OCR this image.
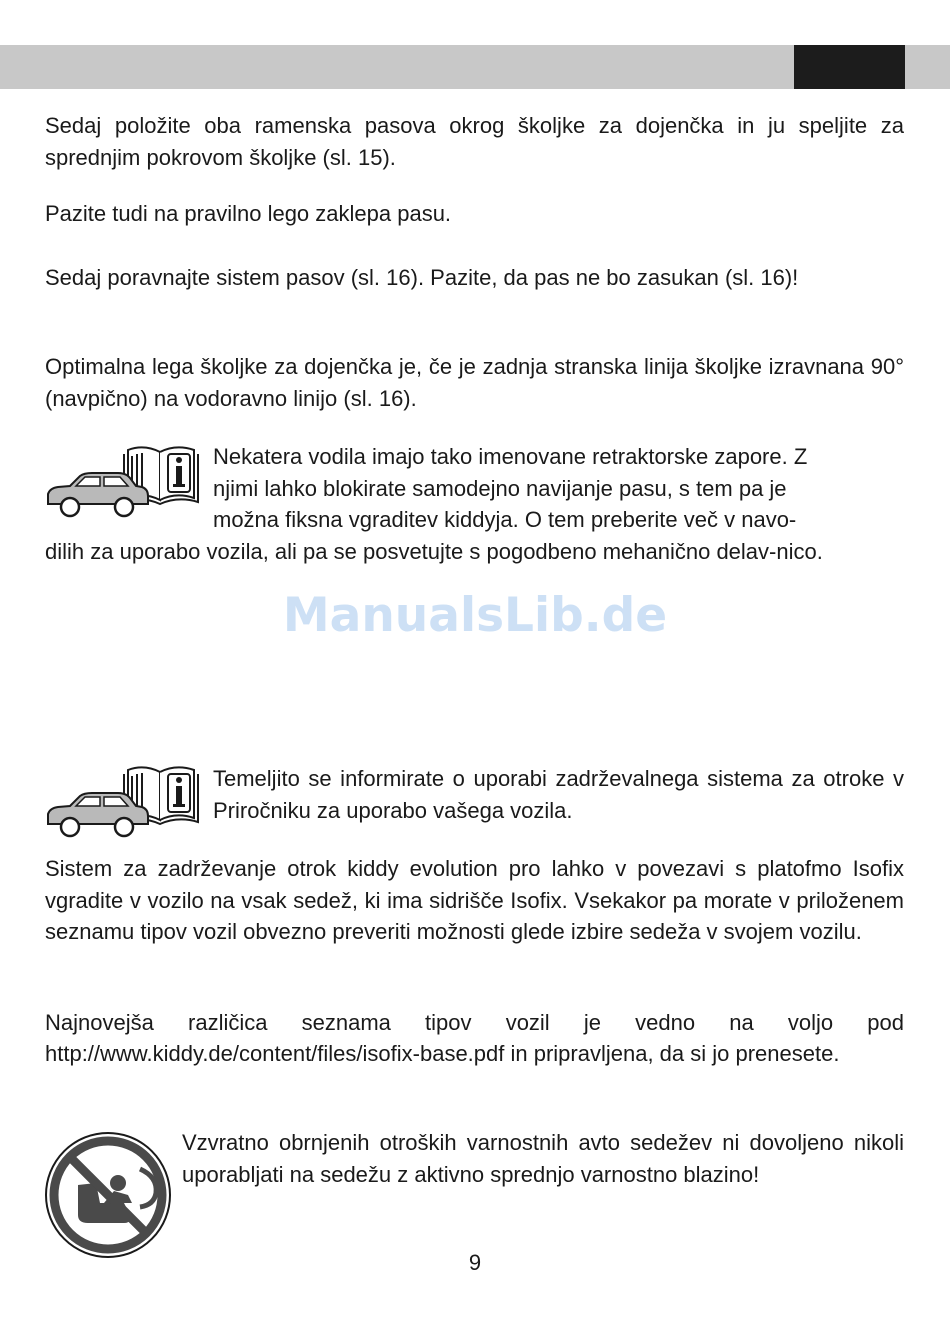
Sedaj položite oba ramenska pasova okrog školjke za dojenčka in ju speljite za sprednjim pokrovom školjke (sl. 15).

Pazite tudi na pravilno lego zaklepa pasu.

Sedaj poravnajte sistem pasov (sl. 16). Pazite, da pas ne bo zasukan (sl. 16)!

Optimalna lega školjke za dojenčka je, če je zadnja stranska linija školjke izravnana 90° (navpično) na vodoravno linijo (sl. 16).

Nekatera vodila imajo tako imenovane retraktorske zapore. Z

njimi lahko blokirate samodejno navijanje pasu, s tem pa je

možna fiksna vgraditev kiddyja. O tem preberite več v navo-

dilih za uporabo vozila, ali pa se posvetujte s pogodbeno mehanično delav-nico.

ManualsLib.de

Temeljito se informirate o uporabi zadrževalnega sistema za otroke v Priročniku za uporabo vašega vozila.

Sistem za zadrževanje otrok kiddy evolution pro lahko v povezavi s platofmo Isofix vgradite v vozilo na vsak sedež, ki ima sidrišče Isofix. Vsekakor pa morate v priloženem seznamu tipov vozil obvezno preveriti možnosti glede izbire sedeža v svojem vozilu.

Najnovejša različica seznama tipov vozil je vedno na voljo pod

http://www.kiddy.de/content/files/isofix-base.pdf in pripravljena, da si jo prenesete.

Vzvratno obrnjenih otroških varnostnih avto sedežev ni dovoljeno nikoli uporabljati na sedežu z aktivno sprednjo varnostno blazino!

9
